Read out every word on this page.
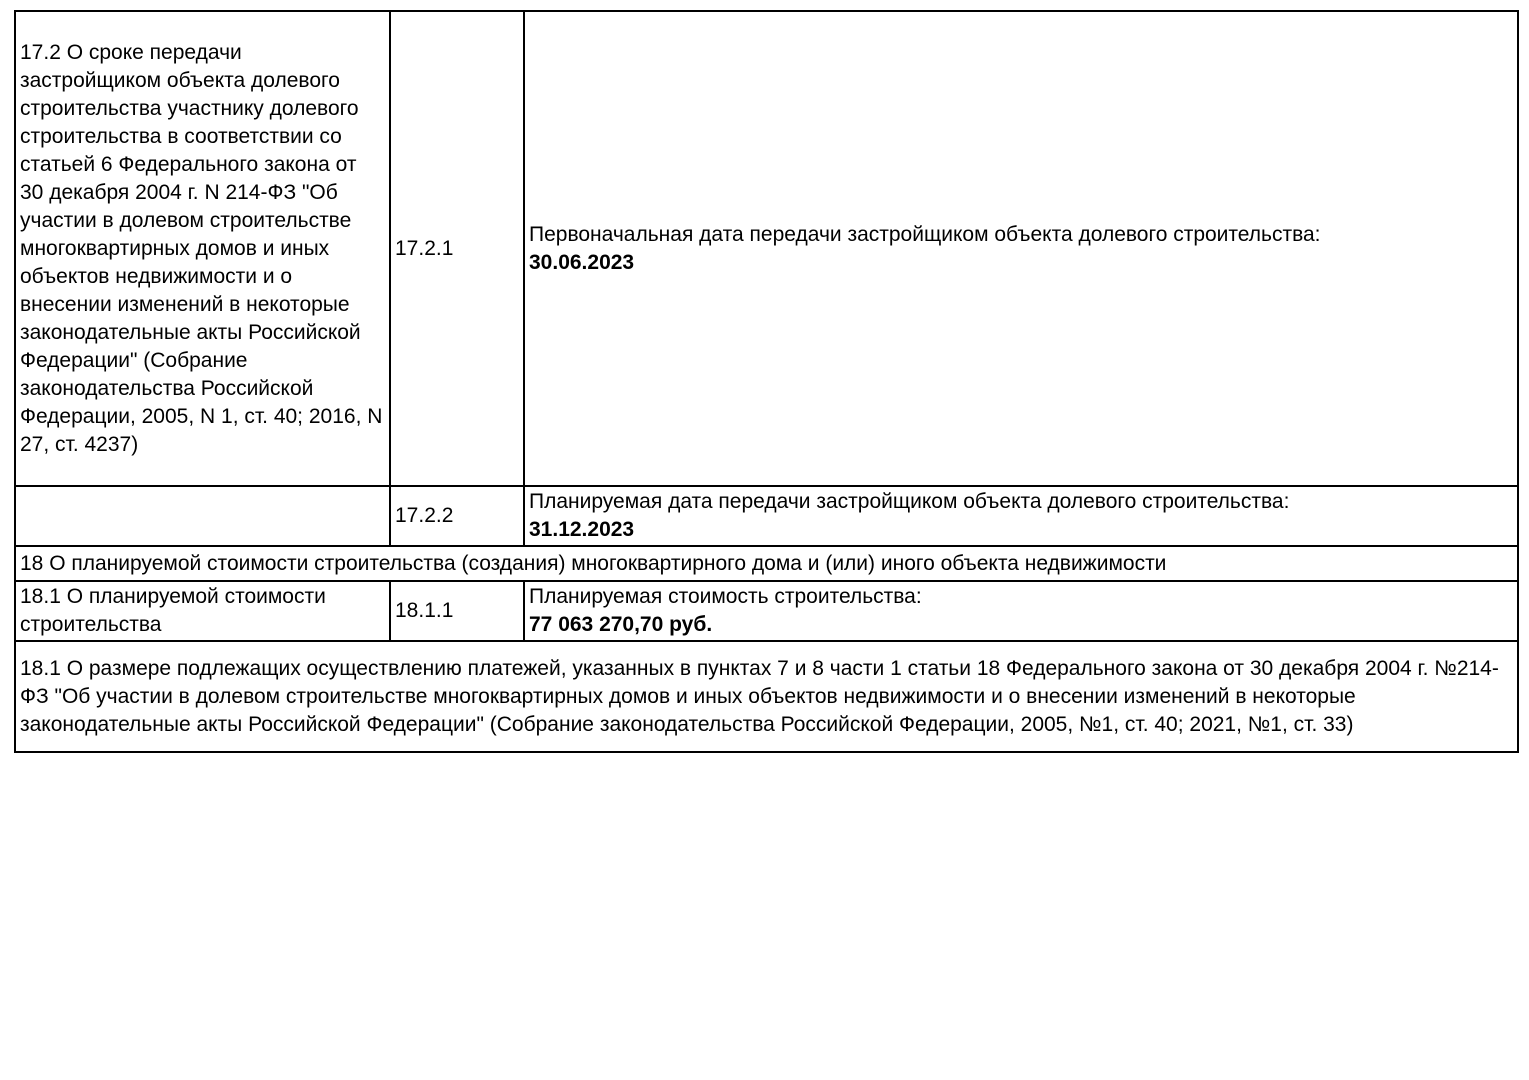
17.2 О сроке передачи застройщиком объекта долевого строительства участнику долевого строительства в соответствии со статьей 6 Федерального закона от 30 декабря 2004 г. N 214-ФЗ "Об участии в долевом строительстве многоквартирных домов и иных объектов недвижимости и о внесении изменений в некоторые законодательные акты Российской Федерации" (Собрание законодательства Российской Федерации, 2005, N 1, ст. 40; 2016, N 27, ст. 4237)	17.2.1	Первоначальная дата передачи застройщиком объекта долевого строительства:
30.06.2023

	17.2.2	Планируемая дата передачи застройщиком объекта долевого строительства:
31.12.2023

18 О планируемой стоимости строительства (создания) многоквартирного дома и (или) иного объекта недвижимости		
18.1 О планируемой стоимости строительства	18.1.1	Планируемая стоимость строительства:
77 063 270,70 руб.

18.1 О размере подлежащих осуществлению платежей, указанных в пунктах 7 и 8 части 1 статьи 18 Федерального закона от 30 декабря 2004 г. №214-ФЗ "Об участии в долевом строительстве многоквартирных домов и иных объектов недвижимости и о внесении изменений в некоторые законодательные акты Российской Федерации" (Собрание законодательства Российской Федерации, 2005, №1, ст. 40; 2021, №1, ст. 33)		
